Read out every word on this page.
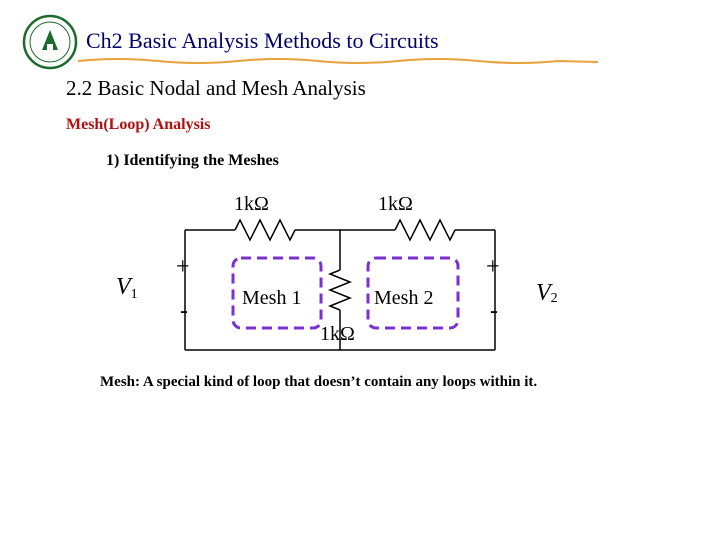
Ch2 Basic Analysis Methods to Circuits
2.2 Basic Nodal and Mesh Analysis
Mesh(Loop) Analysis
1) Identifying the Meshes
1kΩ	1kΩ
1kΩ
Mesh 1	Mesh 2
+
-
+
-
V1	V2
Mesh: A special kind of loop that doesn’t contain any loops within it.
